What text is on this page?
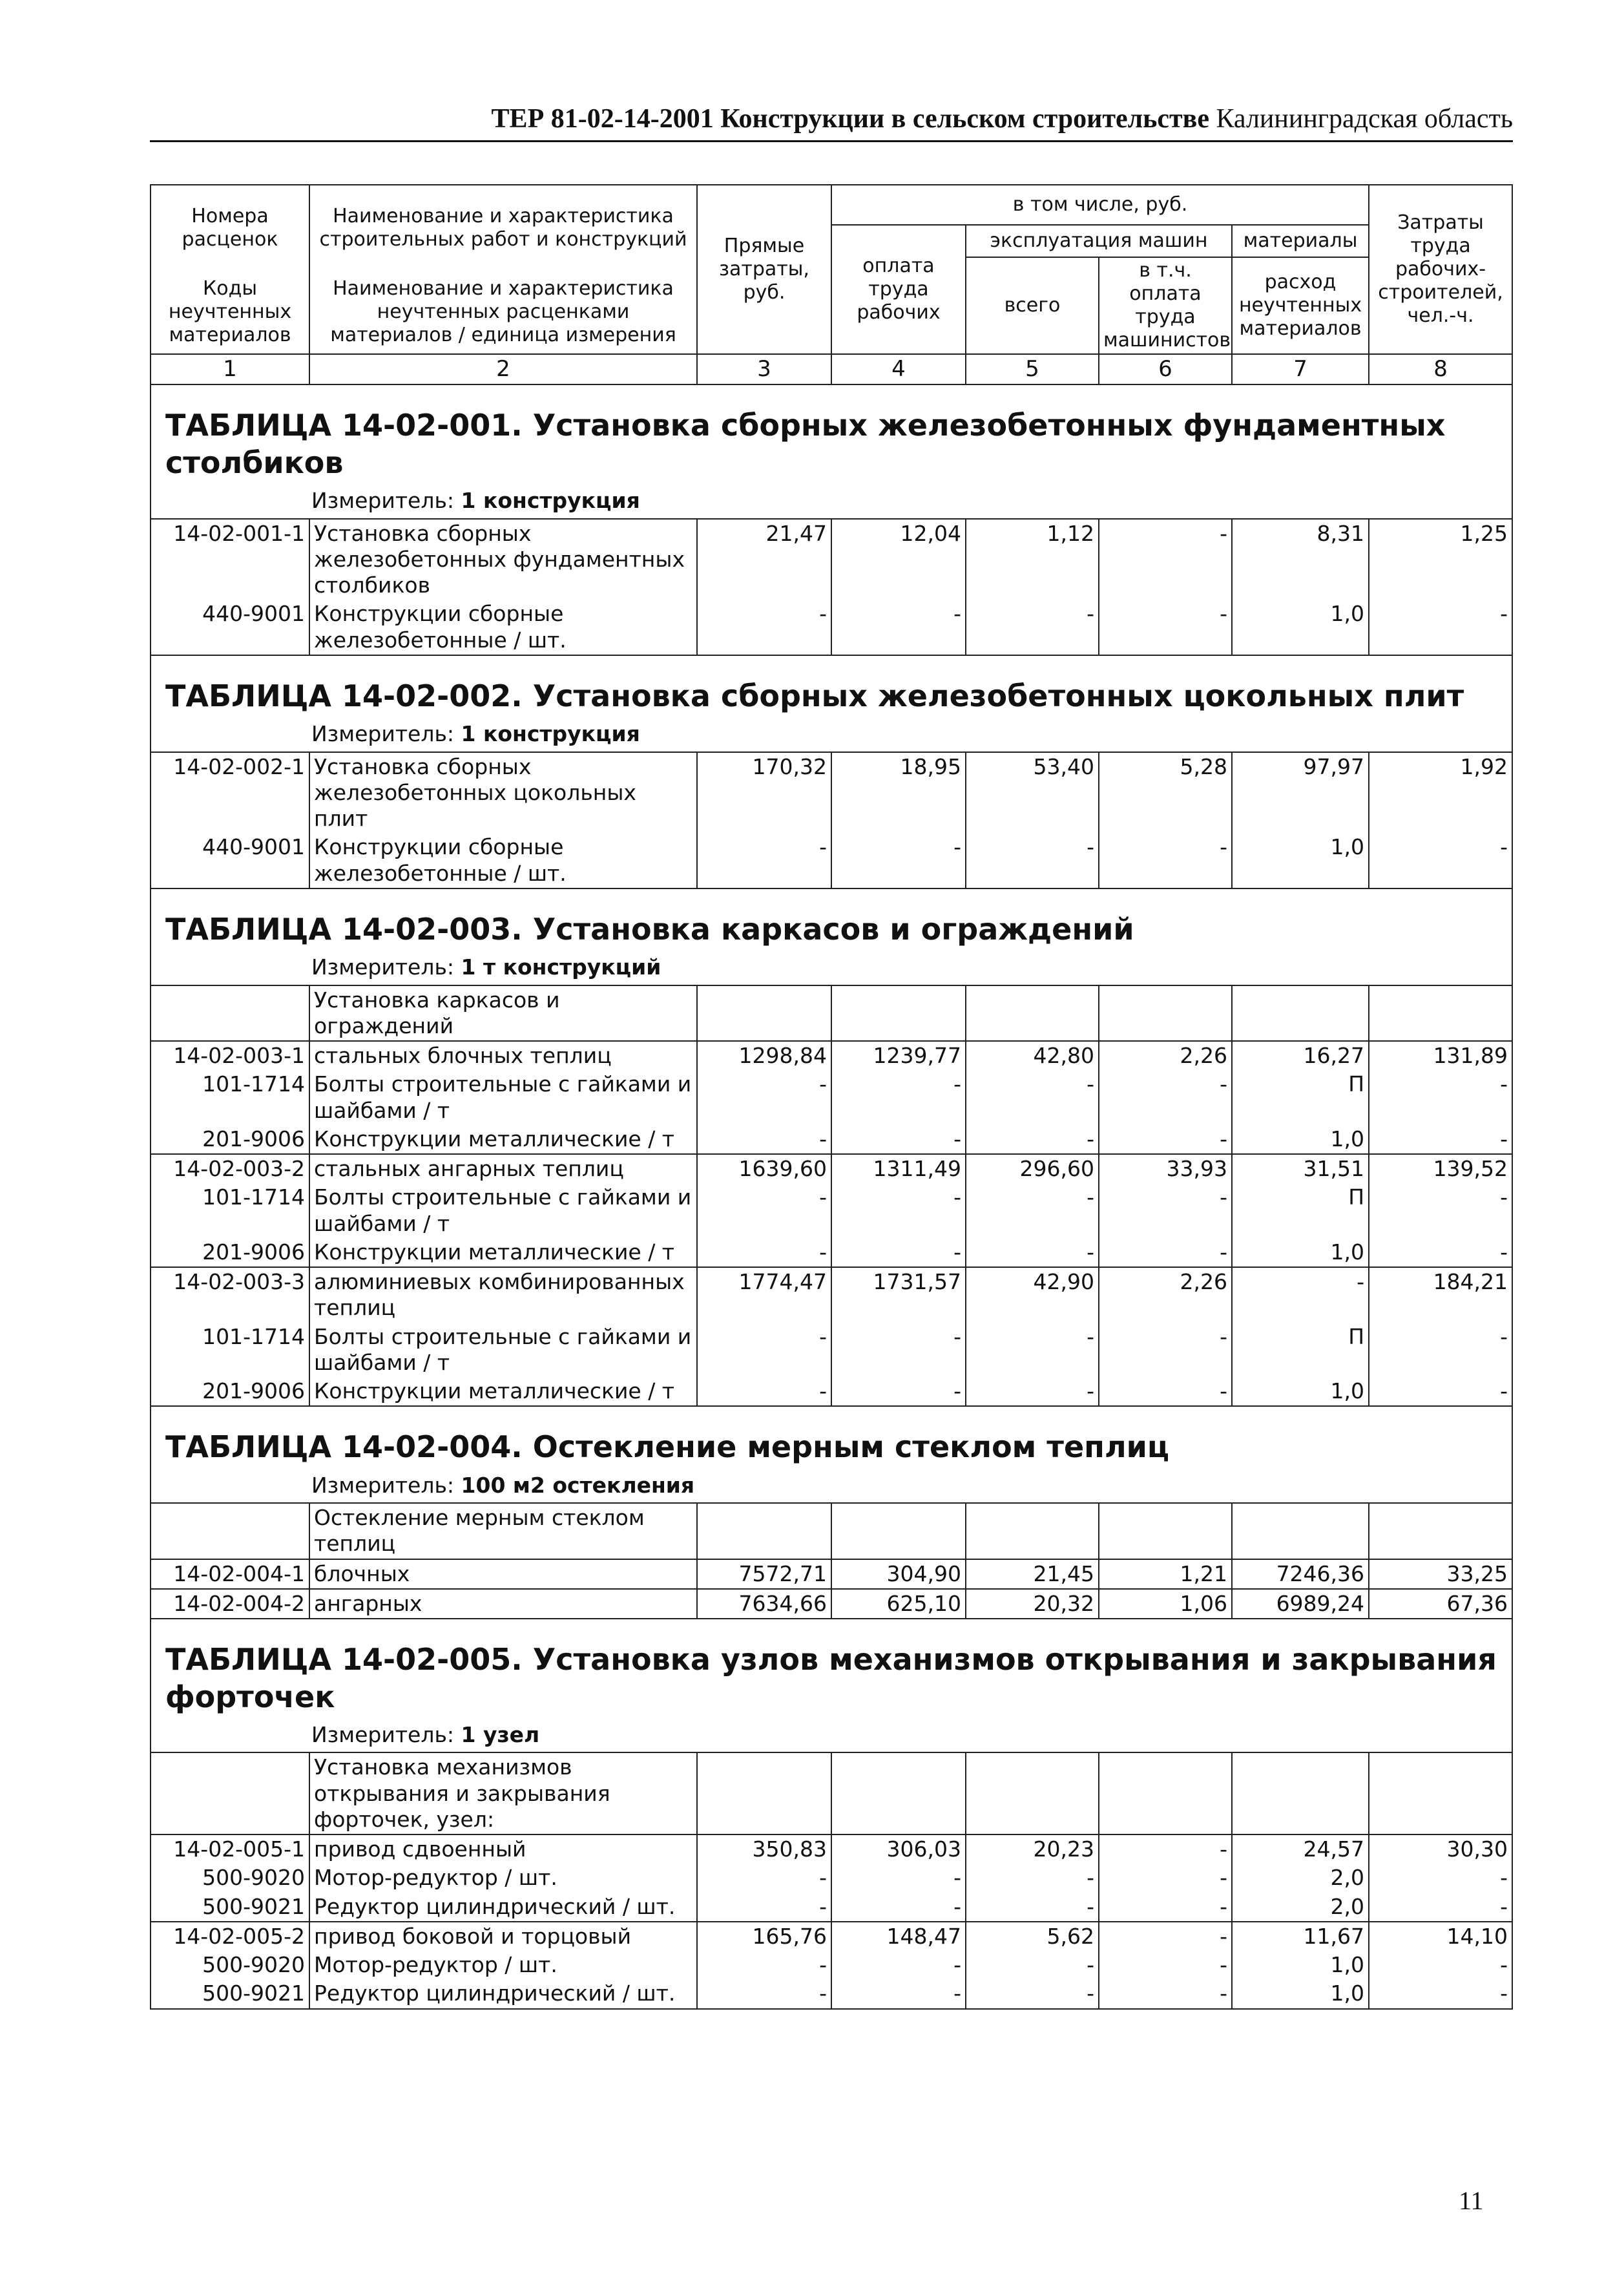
ТЕР 81-02-14-2001 Конструкции в сельском строительстве Калининградская область
Номера расценок	Наименование и характеристика строительных работ и конструкций	Прямые затраты, руб.	в том числе, руб.				Затраты труда рабочих-строителей, чел.-ч.
			оплата труда рабочих	эксплуатация машин		материалы	
				всего	в т.ч. оплата труда машинистов	расход неучтенных материалов	
Коды неучтенных материалов	Наименование и характеристика неучтенных расценками материалов / единица измерения						

1	2	3	4	5	6	7	8
ТАБЛИЦА 14-02-001. Установка сборных железобетонных фундаментных столбиков							
Измеритель: 1 конструкция							
14-02-001-1	Установка сборных железобетонных фундаментных столбиков	21,47	12,04	1,12	-	8,31	1,25
440-9001	Конструкции сборные железобетонные / шт.	-	-	-	-	1,0	-
ТАБЛИЦА 14-02-002. Установка сборных железобетонных цокольных плит							
Измеритель: 1 конструкция							
14-02-002-1	Установка сборных железобетонных цокольных плит	170,32	18,95	53,40	5,28	97,97	1,92
440-9001	Конструкции сборные железобетонные / шт.	-	-	-	-	1,0	-
ТАБЛИЦА 14-02-003. Установка каркасов и ограждений							
Измеритель: 1 т конструкций							
	Установка каркасов и ограждений						
14-02-003-1	стальных блочных теплиц	1298,84	1239,77	42,80	2,26	16,27	131,89
101-1714	Болты строительные с гайками и шайбами / т	-	-	-	-	П	-
201-9006	Конструкции металлические / т	-	-	-	-	1,0	-
14-02-003-2	стальных ангарных теплиц	1639,60	1311,49	296,60	33,93	31,51	139,52
101-1714	Болты строительные с гайками и шайбами / т	-	-	-	-	П	-
201-9006	Конструкции металлические / т	-	-	-	-	1,0	-
14-02-003-3	алюминиевых комбинированных теплиц	1774,47	1731,57	42,90	2,26	-	184,21
101-1714	Болты строительные с гайками и шайбами / т	-	-	-	-	П	-
201-9006	Конструкции металлические / т	-	-	-	-	1,0	-
ТАБЛИЦА 14-02-004. Остекление мерным стеклом теплиц							
Измеритель: 100 м2 остекления							
	Остекление мерным стеклом теплиц						
14-02-004-1	блочных	7572,71	304,90	21,45	1,21	7246,36	33,25
14-02-004-2	ангарных	7634,66	625,10	20,32	1,06	6989,24	67,36
ТАБЛИЦА 14-02-005. Установка узлов механизмов открывания и закрывания форточек							
Измеритель: 1 узел							
	Установка механизмов открывания и закрывания форточек, узел:						
14-02-005-1	привод сдвоенный	350,83	306,03	20,23	-	24,57	30,30
500-9020	Мотор-редуктор / шт.	-	-	-	-	2,0	-
500-9021	Редуктор цилиндрический / шт.	-	-	-	-	2,0	-
14-02-005-2	привод боковой и торцовый	165,76	148,47	5,62	-	11,67	14,10
500-9020	Мотор-редуктор / шт.	-	-	-	-	1,0	-
500-9021	Редуктор цилиндрический / шт.	-	-	-	-	1,0	-
11
